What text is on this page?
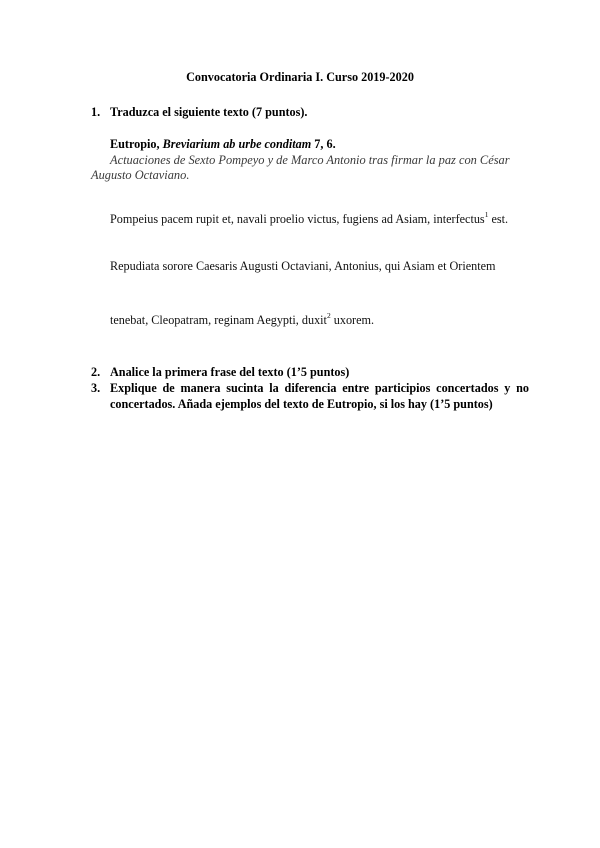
Convocatoria Ordinaria I. Curso 2019-2020
1. Traduzca el siguiente texto (7 puntos).
Eutropio, Breviarium ab urbe conditam 7, 6.
Actuaciones de Sexto Pompeyo y de Marco Antonio tras firmar la paz con César
Augusto Octaviano.
Pompeius pacem rupit et, navali proelio victus, fugiens ad Asiam, interfectus$^1$ est.
Repudiata sorore Caesaris Augusti Octaviani, Antonius, qui Asiam et Orientem
tenebat, Cleopatram, reginam Aegypti, duxit$^2$ uxorem.
2. Analice la primera frase del texto (1’5 puntos)
3. Explique de manera sucinta la diferencia entre participios concertados y no concertados. Añada ejemplos del texto de Eutropio, si los hay (1’5 puntos)
